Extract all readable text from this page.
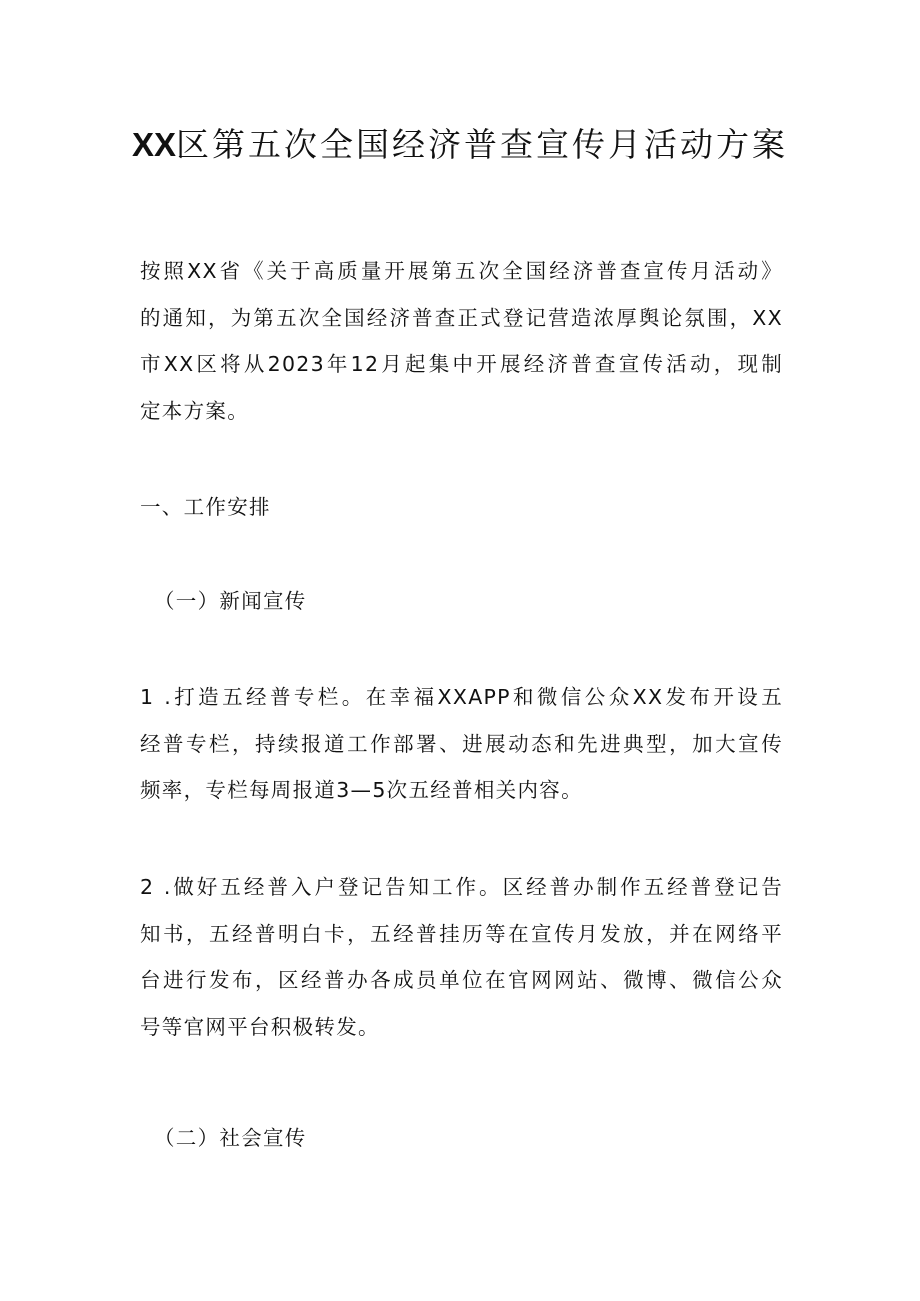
XX区第五次全国经济普查宣传月活动方案
按照XX省《关于高质量开展第五次全国经济普查宣传月活动》
的通知，为第五次全国经济普查正式登记营造浓厚舆论氛围，XX
市XX区将从2023年12月起集中开展经济普查宣传活动，现制
定本方案。
一、工作安排
（一）新闻宣传
1 .打造五经普专栏。在幸福XXAPP和微信公众XX发布开设五
经普专栏，持续报道工作部署、进展动态和先进典型，加大宣传
频率，专栏每周报道3—5次五经普相关内容。
2 .做好五经普入户登记告知工作。区经普办制作五经普登记告
知书，五经普明白卡，五经普挂历等在宣传月发放，并在网络平
台进行发布，区经普办各成员单位在官网网站、微博、微信公众
号等官网平台积极转发。
（二）社会宣传
